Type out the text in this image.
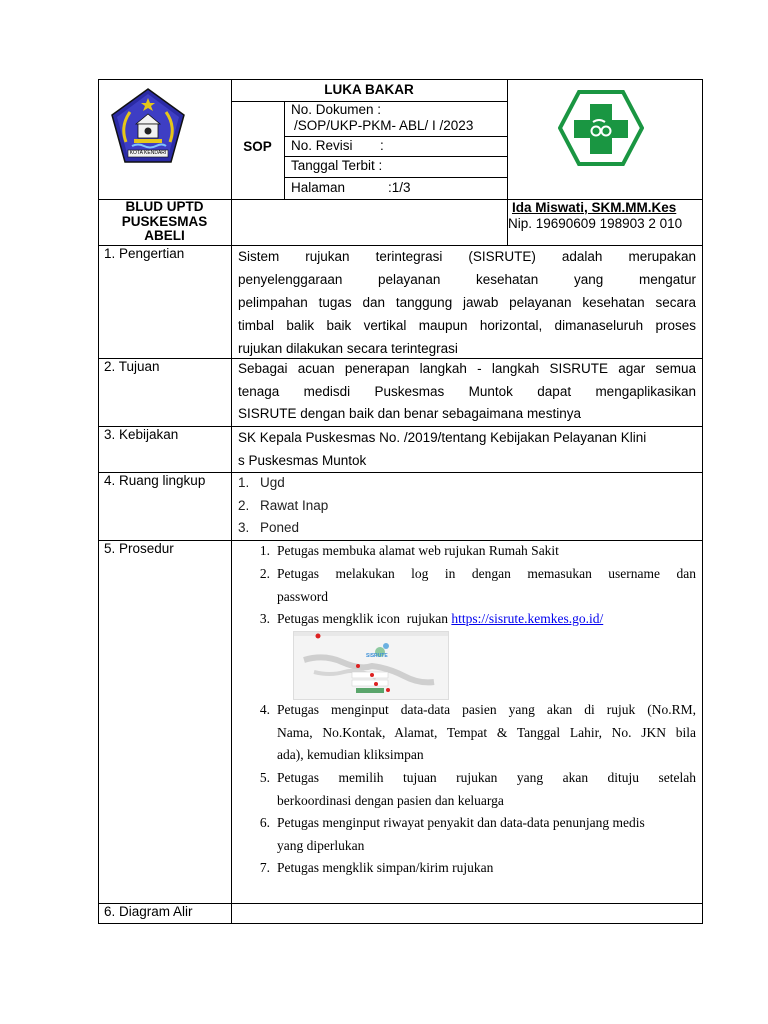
KOTA KENDARI
LUKA BAKAR
SOP
No. Dokumen :
/SOP/UKP-PKM- ABL/ I /2023
No. Revisi :
Tanggal Terbit :
Halaman	:1/3
BLUD UPTD
PUSKESMAS
ABELI
Ida Miswati, SKM.MM.Kes
Nip. 19690609 198903 2 010
1. Pengertian	Sistem rujukan terintegrasi (SISRUTE) adalah merupakan
penyelenggaraan pelayanan kesehatan yang mengatur
pelimpahan tugas dan tanggung jawab pelayanan kesehatan secara
timbal balik baik vertikal maupun horizontal, dimanaseluruh proses
rujukan dilakukan secara terintegrasi
2. Tujuan	Sebagai acuan penerapan langkah - langkah SISRUTE agar semua
tenaga medisdi Puskesmas Muntok dapat mengaplikasikan
SISRUTE dengan baik dan benar sebagaimana mestinya
3. Kebijakan	SK Kepala Puskesmas No. /2019/tentang Kebijakan Pelayanan Klini
s Puskesmas Muntok
4. Ruang lingkup 1. Ugd
2. Rawat Inap
3. Poned
5. Prosedur	1. Petugas membuka alamat web rujukan Rumah Sakit
2. Petugas melakukan log in dengan memasukan username dan
password
3. Petugas mengklik icon  rujukan https://sisrute.kemkes.go.id/
SISRUTE
4. Petugas menginput data-data pasien yang akan di rujuk (No.RM,
Nama, No.Kontak, Alamat, Tempat & Tanggal Lahir, No. JKN bila
ada), kemudian kliksimpan
5. Petugas memilih tujuan rujukan yang akan dituju setelah
berkoordinasi dengan pasien dan keluarga
6. Petugas menginput riwayat penyakit dan data-data penunjang medis
yang diperlukan
7. Petugas mengklik simpan/kirim rujukan
6. Diagram Alir
